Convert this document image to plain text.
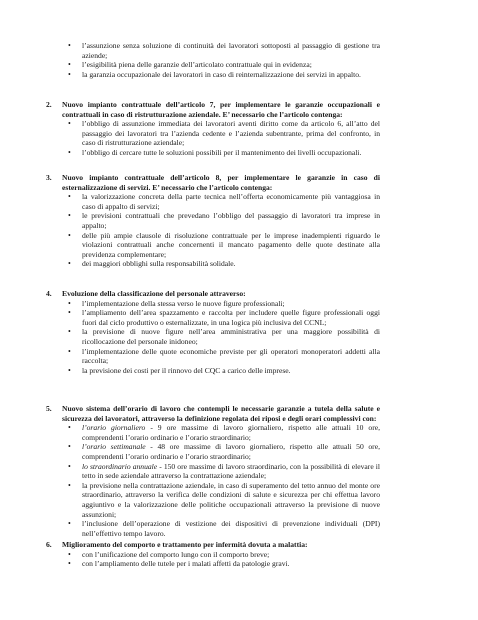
• l’assunzione senza soluzione di continuità dei lavoratori sottoposti al passaggio di gestione tra aziende;
• l’esigibilità piena delle garanzie dell’articolato contrattuale qui in evidenza;
• la garanzia occupazionale dei lavoratori in caso di reinternalizzazione dei servizi in appalto.
2. Nuovo impianto contrattuale dell’articolo 7, per implementare le garanzie occupazionali e contrattuali in caso di ristrutturazione aziendale. E’ necessario che l’articolo contenga:
• l’obbligo di assunzione immediata dei lavoratori aventi diritto come da articolo 6, all’atto del passaggio dei lavoratori tra l’azienda cedente e l’azienda subentrante, prima del confronto, in caso di ristrutturazione aziendale;
• l’obbligo di cercare tutte le soluzioni possibili per il mantenimento dei livelli occupazionali.
3. Nuovo impianto contrattuale dell’articolo 8, per implementare le garanzie in caso di esternalizzazione di servizi. E’ necessario che l’articolo contenga:
• la valorizzazione concreta della parte tecnica nell’offerta economicamente più vantaggiosa in caso di appalto di servizi;
• le previsioni contrattuali che prevedano l’obbligo del passaggio di lavoratori tra imprese in appalto;
• delle più ampie clausole di risoluzione contrattuale per le imprese inadempienti riguardo le violazioni contrattuali anche concernenti il mancato pagamento delle quote destinate alla previdenza complementare;
• dei maggiori obblighi sulla responsabilità solidale.
4. Evoluzione della classificazione del personale attraverso:
• l’implementazione della stessa verso le nuove figure professionali;
• l’ampliamento dell’area spazzamento e raccolta per includere quelle figure professionali oggi fuori dal ciclo produttivo o esternalizzate, in una logica più inclusiva del CCNL;
• la previsione di nuove figure nell’area amministrativa per una maggiore possibilità di ricollocazione del personale inidoneo;
• l’implementazione delle quote economiche previste per gli operatori monoperatori addetti alla raccolta;
• la previsione dei costi per il rinnovo del CQC a carico delle imprese.
5. Nuovo sistema dell’orario di lavoro che contempli le necessarie garanzie a tutela della salute e sicurezza dei lavoratori, attraverso la definizione regolata dei riposi e degli orari complessivi con:
• l’orario giornaliero - 9 ore massime di lavoro giornaliero, rispetto alle attuali 10 ore, comprendenti l’orario ordinario e l’orario straordinario;
• l’orario settimanale - 48 ore massime di lavoro giornaliero, rispetto alle attuali 50 ore, comprendenti l’orario ordinario e l’orario straordinario;
• lo straordinario annuale - 150 ore massime di lavoro straordinario, con la possibilità di elevare il tetto in sede aziendale attraverso la contrattazione aziendale;
• la previsione nella contrattazione aziendale, in caso di superamento del tetto annuo del monte ore straordinario, attraverso la verifica delle condizioni di salute e sicurezza per chi effettua lavoro aggiuntivo e la valorizzazione delle politiche occupazionali attraverso la previsione di nuove assunzioni;
• l’inclusione dell’operazione di vestizione dei dispositivi di prevenzione individuali (DPI) nell’effettivo tempo lavoro.
6. Miglioramento del comporto e trattamento per infermità dovuta a malattia:
• con l’unificazione del comporto lungo con il comporto breve;
• con l’ampliamento delle tutele per i malati affetti da patologie gravi.
